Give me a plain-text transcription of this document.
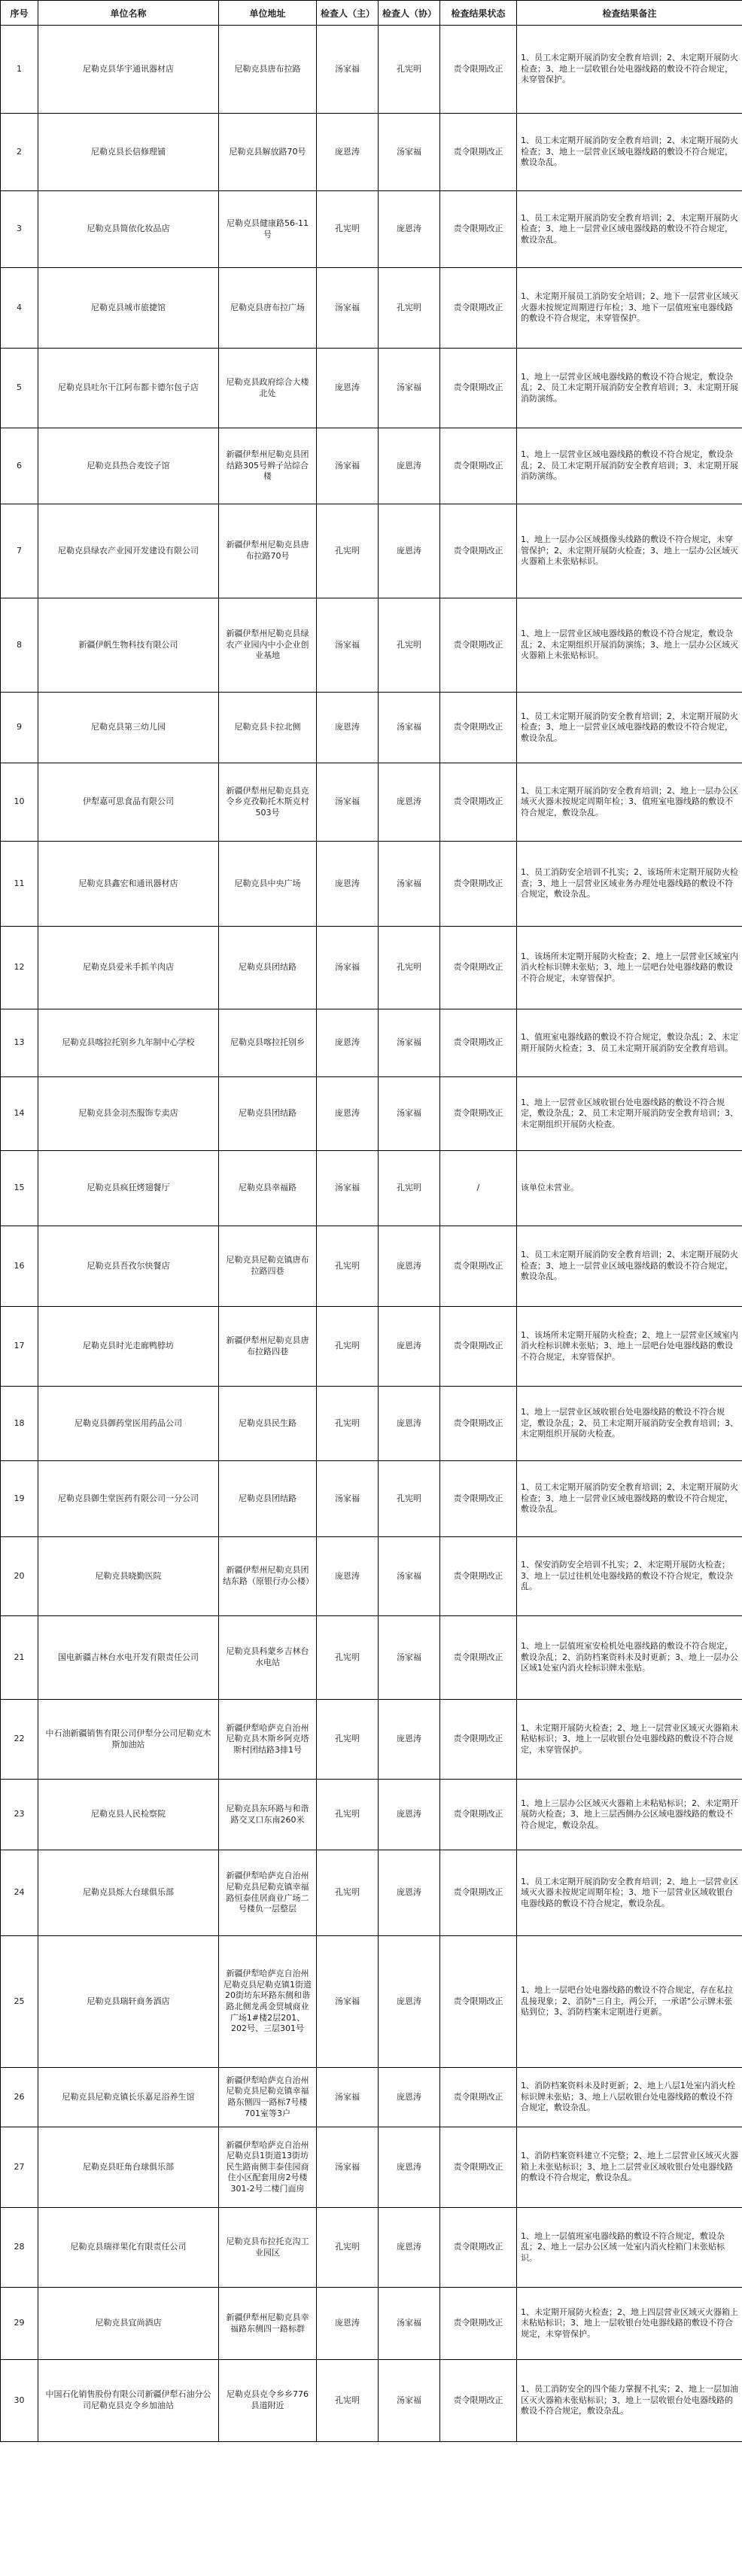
序号	单位名称	单位地址	检查人（主）	检查人（协）	检查结果状态	检查结果备注
1	尼勒克县华宇通讯器材店	尼勒克县唐布拉路	汤家福	孔宪明	责令限期改正	1、员工未定期开展消防安全教育培训；2、未定期开展防火检查；3、地上一层收银台处电器线路的敷设不符合规定，未穿管保护。
2	尼勒克县长信修理铺	尼勒克县解放路70号	庞恩涛	汤家福	责令限期改正	1、员工未定期开展消防安全教育培训；2、未定期开展防火检查；3、地上一层营业区域电器线路的敷设不符合规定，敷设杂乱。
3	尼勒克县简依化妆品店	尼勒克县健康路56-11号	孔宪明	庞恩涛	责令限期改正	1、员工未定期开展消防安全教育培训；2、未定期开展防火检查；3、地上一层营业区域电器线路的敷设不符合规定，敷设杂乱。
4	尼勒克县城市旅捷馆	尼勒克县唐布拉广场	汤家福	孔宪明	责令限期改正	1、未定期开展员工消防安全培训；2、地下一层营业区域灭火器未按规定周期进行年检；3、地下一层值班室电器线路的敷设不符合规定，未穿管保护。
5	尼勒克县吐尔干江阿布都卡德尔包子店	尼勒克县政府综合大楼北处	庞恩涛	汤家福	责令限期改正	1、地上一层营业区域电器线路的敷设不符合规定，敷设杂乱；2、员工未定期开展消防安全教育培训；3、未定期开展消防演练。
6	尼勒克县热合麦饺子馆	新疆伊犁州尼勒克县团结路305号辫子站综合楼	汤家福	庞恩涛	责令限期改正	1、地上一层营业区域电器线路的敷设不符合规定，敷设杂乱；2、员工未定期开展消防安全教育培训；3、未定期开展消防演练。
7	尼勒克县绿农产业园开发建设有限公司	新疆伊犁州尼勒克县唐布拉路70号	孔宪明	庞恩涛	责令限期改正	1、地上一层办公区域摄像头线路的敷设不符合规定，未穿管保护；2、未定期开展防火检查；3、地上一层办公区域灭火器箱上未张贴标识。
8	新疆伊帆生物科技有限公司	新疆伊犁州尼勒克县绿农产业园内中小企业创业基地	汤家福	孔宪明	责令限期改正	1、地上一层营业区域电器线路的敷设不符合规定，敷设杂乱；2、未定期组织开展消防演练；3、地上一层办公区域灭火器箱上未张贴标识。
9	尼勒克县第三幼儿园	尼勒克县卡拉北侧	庞恩涛	汤家福	责令限期改正	1、员工未定期开展消防安全教育培训；2、未定期开展防火检查；3、地上一层营业区域电器线路的敷设不符合规定，敷设杂乱。
10	伊犁嘉可思食品有限公司	新疆伊犁州尼勒克县克令乡克孜勒托木斯克村503号	汤家福	庞恩涛	责令限期改正	1、员工未定期开展消防安全教育培训；2、地上一层办公区域灭火器未按规定周期年检；3、值班室电器线路的敷设不符合规定，敷设杂乱。
11	尼勒克县鑫宏和通讯器材店	尼勒克县中央广场	庞恩涛	汤家福	责令限期改正	1、员工消防安全培训不扎实；2、该场所未定期开展防火检查；3、地上一层营业区域业务办理处电器线路的敷设不符合规定，敷设杂乱。
12	尼勒克县爱米手抓羊肉店	尼勒克县团结路	汤家福	孔宪明	责令限期改正	1、该场所未定期开展防火检查；2、地上一层营业区域室内消火栓标识牌未张贴；3、地上一层吧台处电器线路的敷设不符合规定，未穿管保护。
13	尼勒克县喀拉托别乡九年制中心学校	尼勒克县喀拉托别乡	庞恩涛	汤家福	责令限期改正	1、值班室电器线路的敷设不符合规定，敷设杂乱；2、未定期开展防火检查；3、员工未定期开展消防安全教育培训。
14	尼勒克县金羽杰服饰专卖店	尼勒克县团结路	庞恩涛	汤家福	责令限期改正	1、地上一层营业区域收银台处电器线路的敷设不符合规定，敷设杂乱；2、员工未定期开展消防安全教育培训；3、未定期组织开展防火检查。
15	尼勒克县疯狂烤翅餐厅	尼勒克县幸福路	汤家福	孔宪明	/	该单位未营业。
16	尼勒克县吾孜尔快餐店	尼勒克县尼勒克镇唐布拉路四巷	孔宪明	庞恩涛	责令限期改正	1、员工未定期开展消防安全教育培训；2、未定期开展防火检查；3、地上一层营业区域电器线路的敷设不符合规定，敷设杂乱。
17	尼勒克县时光走廊鸭脖坊	新疆伊犁州尼勒克县唐布拉路四巷	孔宪明	庞恩涛	责令限期改正	1、该场所未定期开展防火检查；2、地上一层营业区域室内消火栓标识牌未张贴；3、地上一层吧台处电器线路的敷设不符合规定，未穿管保护。
18	尼勒克县御药堂医用药品公司	尼勒克县民生路	孔宪明	庞恩涛	责令限期改正	1、地上一层营业区域收银台处电器线路的敷设不符合规定，敷设杂乱；2、员工未定期开展消防安全教育培训；3、未定期组织开展防火检查。
19	尼勒克县御生堂医药有限公司一分公司	尼勒克县团结路	汤家福	孔宪明	责令限期改正	1、员工未定期开展消防安全教育培训；2、未定期开展防火检查；3、地上一层营业区域电器线路的敷设不符合规定，敷设杂乱。
20	尼勒克县晓勤医院	新疆伊犁州尼勒克县团结东路（原银行办公楼）	庞恩涛	汤家福	责令限期改正	1、保安消防安全培训不扎实；2、未定期开展防火检查；3、地上一层过往机处电器线路的敷设不符合规定，敷设杂乱。
21	国电新疆吉林台水电开发有限责任公司	尼勒克县科蒙乡吉林台水电站	孔宪明	汤家福	责令限期改正	1、地上一层值班室安检机处电器线路的敷设不符合规定，敷设杂乱；2、消防档案资料未及时更新；3、地上一层办公区域1处室内消火栓标识牌未张贴。
22	中石油新疆销售有限公司伊犁分公司尼勒克木斯加油站	新疆伊犁哈萨克自治州尼勒克县木斯乡阿克塔斯村团结路3排1号	孔宪明	庞恩涛	责令限期改正	1、未定期开展防火检查；2、地上一层营业区域灭火器箱未粘贴标识；3、地上一层收银台处电器线路的敷设不符合规定，未穿管保护。
23	尼勒克县人民检察院	尼勒克县东环路与和谐路交叉口东南260米	孔宪明	庞恩涛	责令限期改正	1、地上三层办公区域灭火器箱上未粘贴标识；2、未定期开展防火检查；3、地上三层西侧办公区域电器线路的敷设不符合规定，敷设杂乱。
24	尼勒克县烁大台球俱乐部	新疆伊犁哈萨克自治州尼勒克县尼勒克镇幸福路恒泰佳居商业广场二号楼负一层整层	孔宪明	庞恩涛	责令限期改正	1、员工未定期开展消防安全教育培训；2、地上一层营业区域灭火器未按规定周期年检；3、地下一层营业区域收银台电器线路的敷设不符合规定，敷设杂乱。
25	尼勒克县瑞轩商务酒店	新疆伊犁哈萨克自治州尼勒克县尼勒克镇1街道20街坊东环路东侧和谐路北侧龙禹金贸城商业广场1#楼2层201、202号、三层301号	汤家福	庞恩涛	责令限期改正	1、地上一层吧台处电器线路的敷设不符合规定，存在私拉乱接现象；2、消防"三自主，两公开，一承诺"公示牌未张贴到位；3、消防档案未定期进行更新。
26	尼勒克县尼勒克镇长乐嘉足浴养生馆	新疆伊犁哈萨克自治州尼勒克县尼勒克镇幸福路东侧四一路标7号楼701室等3户	汤家福	庞恩涛	责令限期改正	1、消防档案资料未及时更新；2、地上八层1处室内消火栓标识牌未张贴；3、地上八层收银台处电器线路的敷设不符合规定，敷设杂乱。
27	尼勒克县旺角台球俱乐部	新疆伊犁哈萨克自治州尼勒克县1街道13街坊民生路南侧丰泰佳园商住小区配套用房2号楼301-2号二楼门面房	汤家福	庞恩涛	责令限期改正	1、消防档案资料建立不完整；2、地上二层营业区域灭火器箱上未张贴标识；3、地上二层营业区域收银台处电器线路的敷设不符合规定，敷设杂乱。
28	尼勒克县瑞祥果化有限责任公司	尼勒克县布拉托克沟工业园区	孔宪明	庞恩涛	责令限期改正	1、地上一层值班室电器线路的敷设不符合规定，敷设杂乱；2、地上一层办公区域一处室内消火栓箱门未张贴标识。
29	尼勒克县宜尚酒店	新疆伊犁州尼勒克县幸福路东侧四一路标群	庞恩涛	汤家福	责令限期改正	1、未定期开展防火检查；2、地上四层营业区域灭火器箱上未粘贴标识；3、地上一层收银台处电器线路的敷设不符合规定，未穿管保护。
30	中国石化销售股份有限公司新疆伊犁石油分公司尼勒克县克令乡加油站	尼勒克县克令乡乡776县道附近	孔宪明	汤家福	责令限期改正	1、员工消防安全的四个能力掌握不扎实；2、地上一层加油区灭火器箱未张贴标识；3、地上一层收银台处电器线路的敷设不符合规定，敷设杂乱。
